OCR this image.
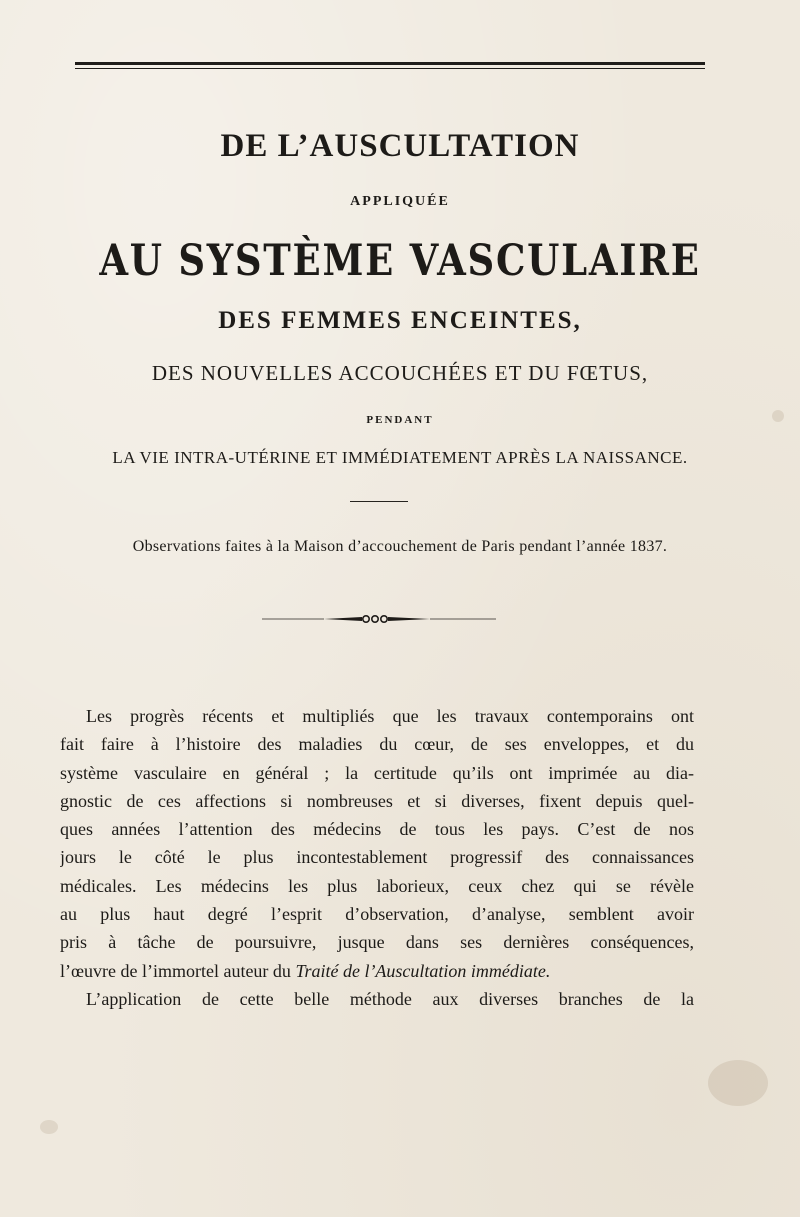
DE L’AUSCULTATION
APPLIQUÉE
AU SYSTÈME VASCULAIRE
DES FEMMES ENCEINTES,
DES NOUVELLES ACCOUCHÉES ET DU FŒTUS,
PENDANT
LA VIE INTRA-UTÉRINE ET IMMÉDIATEMENT APRÈS LA NAISSANCE.
Observations faites à la Maison d’accouchement de Paris pendant l’année 1837.
Les progrès récents et multipliés que les travaux contemporains ont
fait faire à l’histoire des maladies du cœur, de ses enveloppes, et du
système vasculaire en général ; la certitude qu’ils ont imprimée au dia-
gnostic de ces affections si nombreuses et si diverses, fixent depuis quel-
ques années l’attention des médecins de tous les pays. C’est de nos
jours le côté le plus incontestablement progressif des connaissances
médicales. Les médecins les plus laborieux, ceux chez qui se révèle
au plus haut degré l’esprit d’observation, d’analyse, semblent avoir
pris à tâche de poursuivre, jusque dans ses dernières conséquences,
l’œuvre de l’immortel auteur du Traité de l’Auscultation immédiate.
L’application de cette belle méthode aux diverses branches de la
